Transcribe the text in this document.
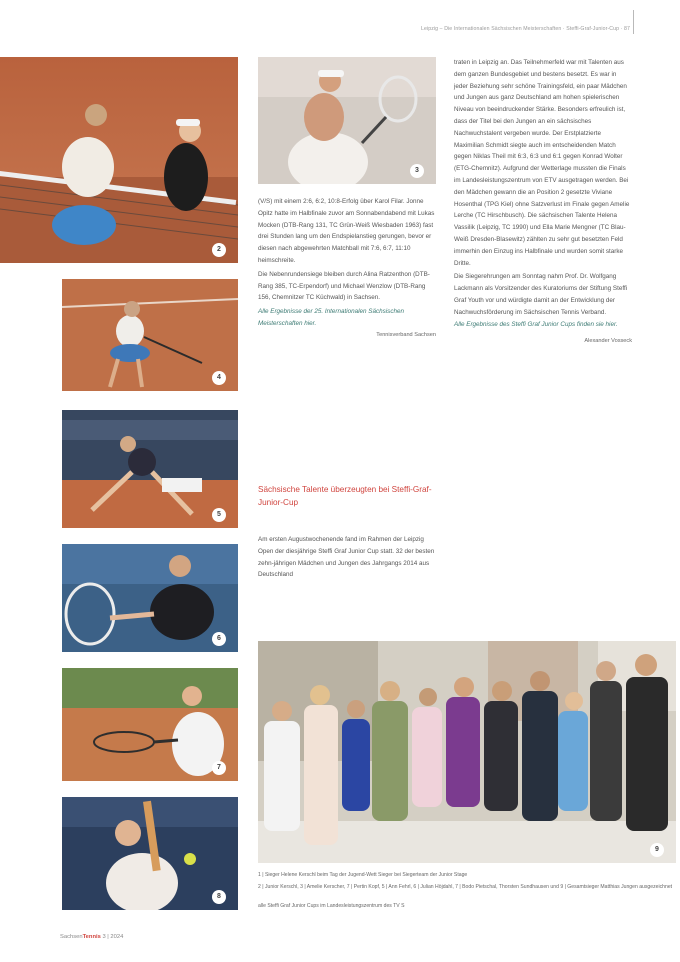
Leipzig – Die Internationalen Sächsischen Meisterschaften · Steffi-Graf-Junior-Cup · 87
2
3
4
5
6
7
8
9

(V/S) mit einem 2:6, 6:2, 10:8-Erfolg über Karol Filar. Jonne Opitz hatte im Halbfinale zuvor am Sonnabendabend mit Lukas Mocken (DTB-Rang 131, TC Grün-Weiß Wiesbaden 1963) fast drei Stunden lang um den Endspielanstieg gerungen, bevor er diesen nach abgewehrten Matchball mit 7:6, 6:7, 11:10 heimschreite.

Die Nebenrundensiege bleiben durch Alina Ratzenthon (DTB-Rang 385, TC-Erpendorf) und Michael Wenzlow (DTB-Rang 156, Chemnitzer TC Küchwald) in Sachsen.

Alle Ergebnisse der 25. Internationalen Sächsischen Meisterschaften hier.

Tennisverband Sachsen

Sächsische Talente überzeugten bei Steffi-Graf-Junior-Cup

Am ersten Augustwochenende fand im Rahmen der Leipzig Open der diesjährige Steffi Graf Junior Cup statt. 32 der besten zehn-jährigen Mädchen und Jungen des Jahrgangs 2014 aus Deutschland

traten in Leipzig an. Das Teilnehmerfeld war mit Talenten aus dem ganzen Bundesgebiet und bestens besetzt. Es war in jeder Beziehung sehr schöne Trainingsfeld, ein paar Mädchen und Jungen aus ganz Deutschland am hohen spielerischen Niveau von beeindruckender Stärke. Besonders erfreulich ist, dass der Titel bei den Jungen an ein sächsisches Nachwuchstalent vergeben wurde. Der Erstplatzierte Maximilian Schmidt siegte auch im entscheidenden Match gegen Niklas Theil mit 6:3, 6:3 und 6:1 gegen Konrad Wolter (ETG-Chemnitz). Aufgrund der Wetterlage mussten die Finals im Landesleistungszentrum von ETV ausgetragen werden. Bei den Mädchen gewann die an Position 2 gesetzte Viviane Hosenthal (TPG Kiel) ohne Satzverlust im Finale gegen Amelie Lerche (TC Hirschbusch). Die sächsischen Talente Helena Vassilik (Leipzig, TC 1990) und Ella Marie Mengner (TC Blau-Weiß Dresden-Blasewitz) zählten zu sehr gut besetzten Feld immerhin den Einzug ins Halbfinale und wurden somit starke Dritte.

Die Siegerehrungen am Sonntag nahm Prof. Dr. Wolfgang Lackmann als Vorsitzender des Kuratoriums der Stiftung Steffi Graf Youth vor und würdigte damit an der Entwicklung der Nachwuchsförderung im Sächsischen Tennis Verband.

Alle Ergebnisse des Steffi Graf Junior Cups finden sie hier.

Alexander Vosseck

1 | Sieger Helene Kerschl beim Tag der Jugend-Wett Sieger bei Siegerteam der Junior Stage
2 | Junior Kerschl, 3 | Amelie Kerscher, 7 | Pertin Kopf, 5 | Ann Fehrl, 6 | Julian Höjdahl, 7 | Bodo Pietschal, Thorsten Sundhausen und 9 | Gesamtsieger Matthias Jungen ausgezeichnet
alle Steffi Graf Junior Cups im Landesleistungszentrum des TV S
SachsenTennis 3 | 2024
